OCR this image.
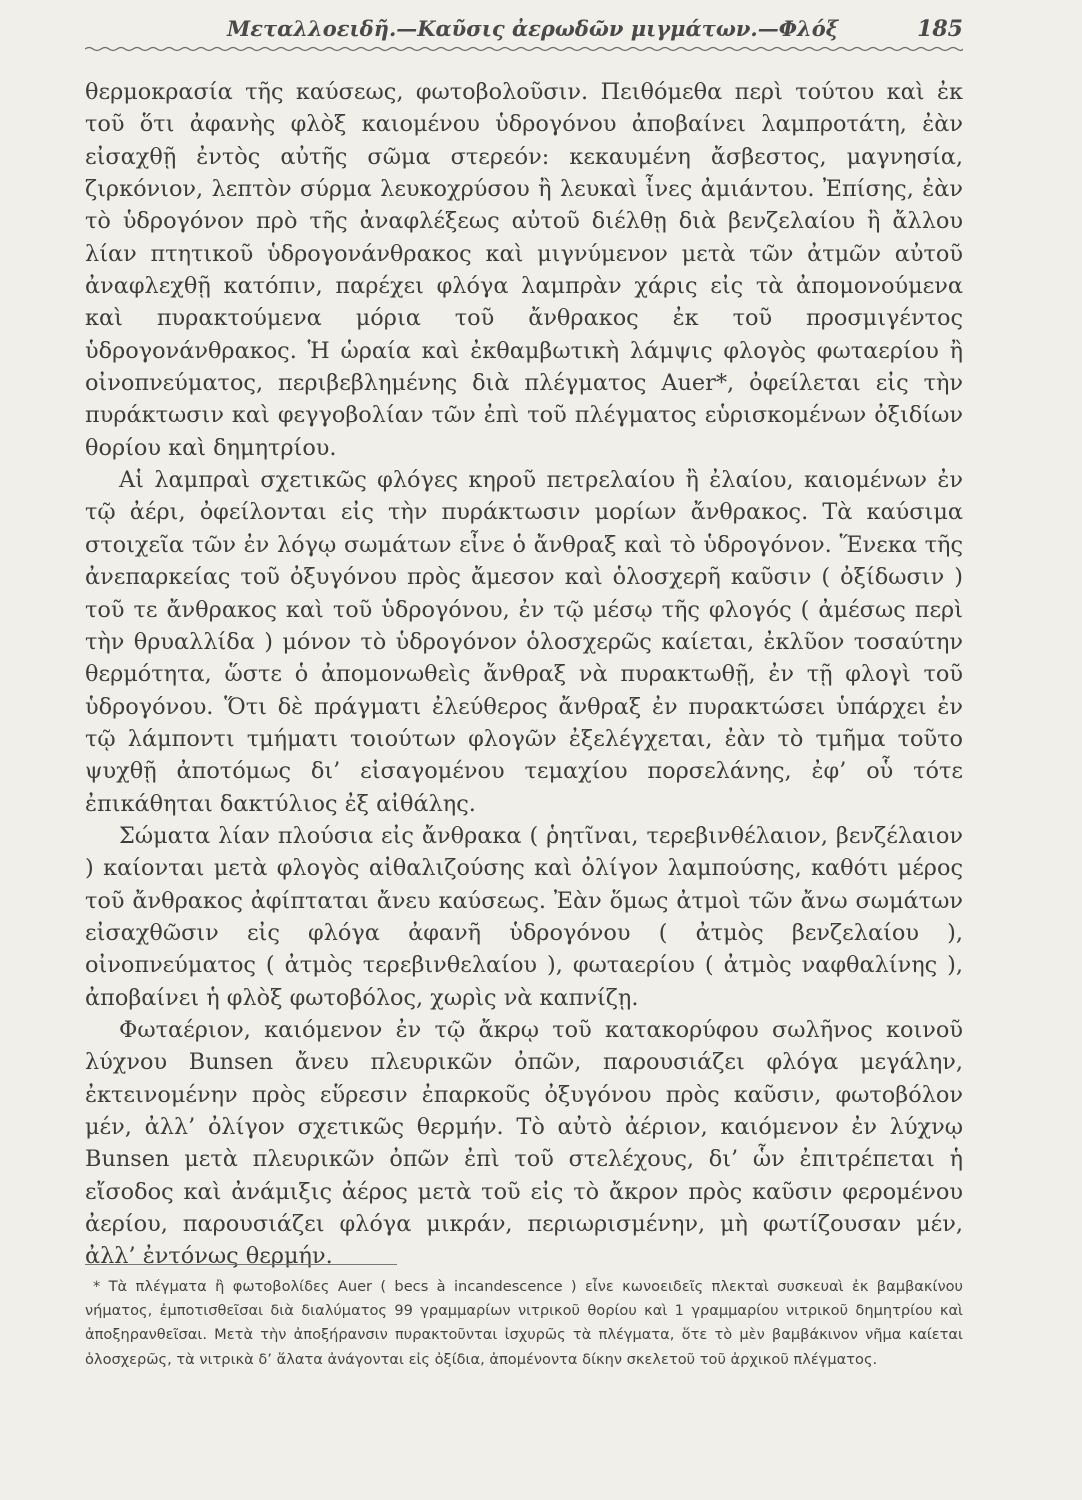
Μεταλλοειδῆ.—Καῦσις ἀερωδῶν μιγμάτων.—Φλόξ	185

θερμοκρασία τῆς καύσεως, φωτοβολοῦσιν. Πειθόμεθα περὶ τούτου καὶ ἐκ τοῦ ὅτι ἀφανὴς φλὸξ καιομένου ὑδρογόνου ἀποβαίνει λαμπροτάτη, ἐὰν εἰσαχθῇ ἐντὸς αὐτῆς σῶμα στερεόν: κεκαυμένη ἄσβεστος, μαγνησία, ζιρκόνιον, λεπτὸν σύρμα λευκοχρύσου ἢ λευκαὶ ἶνες ἀμιάντου. Ἐπίσης, ἐὰν τὸ ὑδρογόνον πρὸ τῆς ἀναφλέξεως αὐτοῦ διέλθῃ διὰ βενζελαίου ἢ ἄλλου λίαν πτητικοῦ ὑδρογονάνθρακος καὶ μιγνύμενον μετὰ τῶν ἀτμῶν αὐτοῦ ἀναφλεχθῇ κατόπιν, παρέχει φλόγα λαμπρὰν χάρις εἰς τὰ ἀπομονούμενα καὶ πυρακτούμενα μόρια τοῦ ἄνθρακος ἐκ τοῦ προσμιγέντος ὑδρογονάνθρακος. Ἡ ὡραία καὶ ἐκθαμβωτικὴ λάμψις φλογὸς φωταερίου ἢ οἰνοπνεύματος, περιβεβλημένης διὰ πλέγματος Auer*, ὀφείλεται εἰς τὴν πυράκτωσιν καὶ φεγγοβολίαν τῶν ἐπὶ τοῦ πλέγματος εὑρισκομένων ὀξιδίων θορίου καὶ δημητρίου.

Αἱ λαμπραὶ σχετικῶς φλόγες κηροῦ πετρελαίου ἢ ἐλαίου, καιομένων ἐν τῷ ἀέρι, ὀφείλονται εἰς τὴν πυράκτωσιν μορίων ἄνθρακος. Τὰ καύσιμα στοιχεῖα τῶν ἐν λόγῳ σωμάτων εἶνε ὁ ἄνθραξ καὶ τὸ ὑδρογόνον. Ἕνεκα τῆς ἀνεπαρκείας τοῦ ὀξυγόνου πρὸς ἄμεσον καὶ ὁλοσχερῆ καῦσιν ( ὀξίδωσιν ) τοῦ τε ἄνθρακος καὶ τοῦ ὑδρογόνου, ἐν τῷ μέσῳ τῆς φλογός ( ἀμέσως περὶ τὴν θρυαλλίδα ) μόνον τὸ ὑδρογόνον ὁλοσχερῶς καίεται, ἐκλῦον τοσαύτην θερμότητα, ὥστε ὁ ἀπομονωθεὶς ἄνθραξ νὰ πυρακτωθῇ, ἐν τῇ φλογὶ τοῦ ὑδρογόνου. Ὅτι δὲ πράγματι ἐλεύθερος ἄνθραξ ἐν πυρακτώσει ὑπάρχει ἐν τῷ λάμποντι τμήματι τοιούτων φλογῶν ἐξελέγχεται, ἐὰν τὸ τμῆμα τοῦτο ψυχθῇ ἀποτόμως δι’ εἰσαγομένου τεμαχίου πορσελάνης, ἐφ’ οὗ τότε ἐπικάθηται δακτύλιος ἐξ αἰθάλης.

Σώματα λίαν πλούσια εἰς ἄνθρακα ( ῥητῖναι, τερεβινθέλαιον, βενζέλαιον ) καίονται μετὰ φλογὸς αἰθαλιζούσης καὶ ὀλίγον λαμπούσης, καθότι μέρος τοῦ ἄνθρακος ἀφίπταται ἄνευ καύσεως. Ἐὰν ὅμως ἀτμοὶ τῶν ἄνω σωμάτων εἰσαχθῶσιν εἰς φλόγα ἀφανῆ ὑδρογόνου ( ἀτμὸς βενζελαίου ), οἰνοπνεύματος ( ἀτμὸς τερεβινθελαίου ), φωταερίου ( ἀτμὸς ναφθαλίνης ), ἀποβαίνει ἡ φλὸξ φωτοβόλος, χωρὶς νὰ καπνίζῃ.

Φωταέριον, καιόμενον ἐν τῷ ἄκρῳ τοῦ κατακορύφου σωλῆνος κοινοῦ λύχνου Bunsen ἄνευ πλευρικῶν ὀπῶν, παρουσιάζει φλόγα μεγάλην, ἐκτεινομένην πρὸς εὕρεσιν ἐπαρκοῦς ὀξυγόνου πρὸς καῦσιν, φωτοβόλον μέν, ἀλλ’ ὀλίγον σχετικῶς θερμήν. Τὸ αὐτὸ ἀέριον, καιόμενον ἐν λύχνῳ Bunsen μετὰ πλευρικῶν ὀπῶν ἐπὶ τοῦ στελέχους, δι’ ὧν ἐπιτρέπεται ἡ εἴσοδος καὶ ἀνάμιξις ἀέρος μετὰ τοῦ εἰς τὸ ἄκρον πρὸς καῦσιν φερομένου ἀερίου, παρουσιάζει φλόγα μικράν, περιωρισμένην, μὴ φωτίζουσαν μέν, ἀλλ’ ἐντόνως θερμήν.

* Τὰ πλέγματα ἢ φωτοβολίδες Auer ( becs à incandescence ) εἶνε κωνοειδεῖς πλεκταὶ συσκευαὶ ἐκ βαμβακίνου νήματος, ἐμποτισθεῖσαι διὰ διαλύματος 99 γραμμαρίων νιτρικοῦ θορίου καὶ 1 γραμμαρίου νιτρικοῦ δημητρίου καὶ ἀποξηρανθεῖσαι. Μετὰ τὴν ἀποξήρανσιν πυρακτοῦνται ἰσχυρῶς τὰ πλέγματα, ὅτε τὸ μὲν βαμβάκινον νῆμα καίεται ὁλοσχερῶς, τὰ νιτρικὰ δ’ ἅλατα ἀνάγονται εἰς ὀξίδια, ἀπομένοντα δίκην σκελετοῦ τοῦ ἀρχικοῦ πλέγματος.
